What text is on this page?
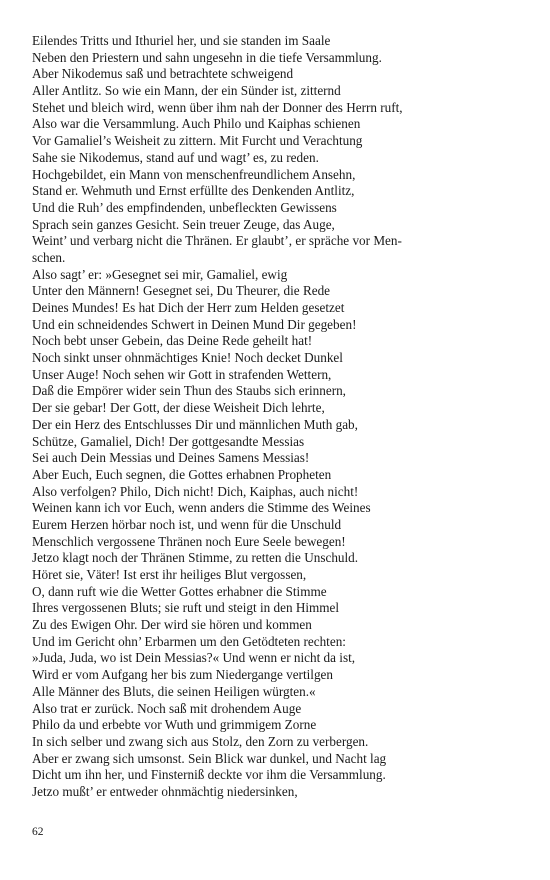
Eilendes Tritts und Ithuriel her, und sie standen im Saale
Neben den Priestern und sahn ungesehn in die tiefe Versammlung.
Aber Nikodemus saß und betrachtete schweigend
Aller Antlitz. So wie ein Mann, der ein Sünder ist, zitternd
Stehet und bleich wird, wenn über ihm nah der Donner des Herrn ruft,
Also war die Versammlung. Auch Philo und Kaiphas schienen
Vor Gamaliel’s Weisheit zu zittern. Mit Furcht und Verachtung
Sahe sie Nikodemus, stand auf und wagt’ es, zu reden.
Hochgebildet, ein Mann von menschenfreundlichem Ansehn,
Stand er. Wehmuth und Ernst erfüllte des Denkenden Antlitz,
Und die Ruh’ des empfindenden, unbefleckten Gewissens
Sprach sein ganzes Gesicht. Sein treuer Zeuge, das Auge,
Weint’ und verbarg nicht die Thränen. Er glaubt’, er spräche vor Men-
schen.
Also sagt’ er: »Gesegnet sei mir, Gamaliel, ewig
Unter den Männern! Gesegnet sei, Du Theurer, die Rede
Deines Mundes! Es hat Dich der Herr zum Helden gesetzet
Und ein schneidendes Schwert in Deinen Mund Dir gegeben!
Noch bebt unser Gebein, das Deine Rede geheilt hat!
Noch sinkt unser ohnmächtiges Knie! Noch decket Dunkel
Unser Auge! Noch sehen wir Gott in strafenden Wettern,
Daß die Empörer wider sein Thun des Staubs sich erinnern,
Der sie gebar! Der Gott, der diese Weisheit Dich lehrte,
Der ein Herz des Entschlusses Dir und männlichen Muth gab,
Schütze, Gamaliel, Dich! Der gottgesandte Messias
Sei auch Dein Messias und Deines Samens Messias!
Aber Euch, Euch segnen, die Gottes erhabnen Propheten
Also verfolgen? Philo, Dich nicht! Dich, Kaiphas, auch nicht!
Weinen kann ich vor Euch, wenn anders die Stimme des Weines
Eurem Herzen hörbar noch ist, und wenn für die Unschuld
Menschlich vergossene Thränen noch Eure Seele bewegen!
Jetzo klagt noch der Thränen Stimme, zu retten die Unschuld.
Höret sie, Väter! Ist erst ihr heiliges Blut vergossen,
O, dann ruft wie die Wetter Gottes erhabner die Stimme
Ihres vergossenen Bluts; sie ruft und steigt in den Himmel
Zu des Ewigen Ohr. Der wird sie hören und kommen
Und im Gericht ohn’ Erbarmen um den Getödteten rechten:
»Juda, Juda, wo ist Dein Messias?« Und wenn er nicht da ist,
Wird er vom Aufgang her bis zum Niedergange vertilgen
Alle Männer des Bluts, die seinen Heiligen würgten.«
Also trat er zurück. Noch saß mit drohendem Auge
Philo da und erbebte vor Wuth und grimmigem Zorne
In sich selber und zwang sich aus Stolz, den Zorn zu verbergen.
Aber er zwang sich umsonst. Sein Blick war dunkel, und Nacht lag
Dicht um ihn her, und Finsterniß deckte vor ihm die Versammlung.
Jetzo mußt’ er entweder ohnmächtig niedersinken,
62
